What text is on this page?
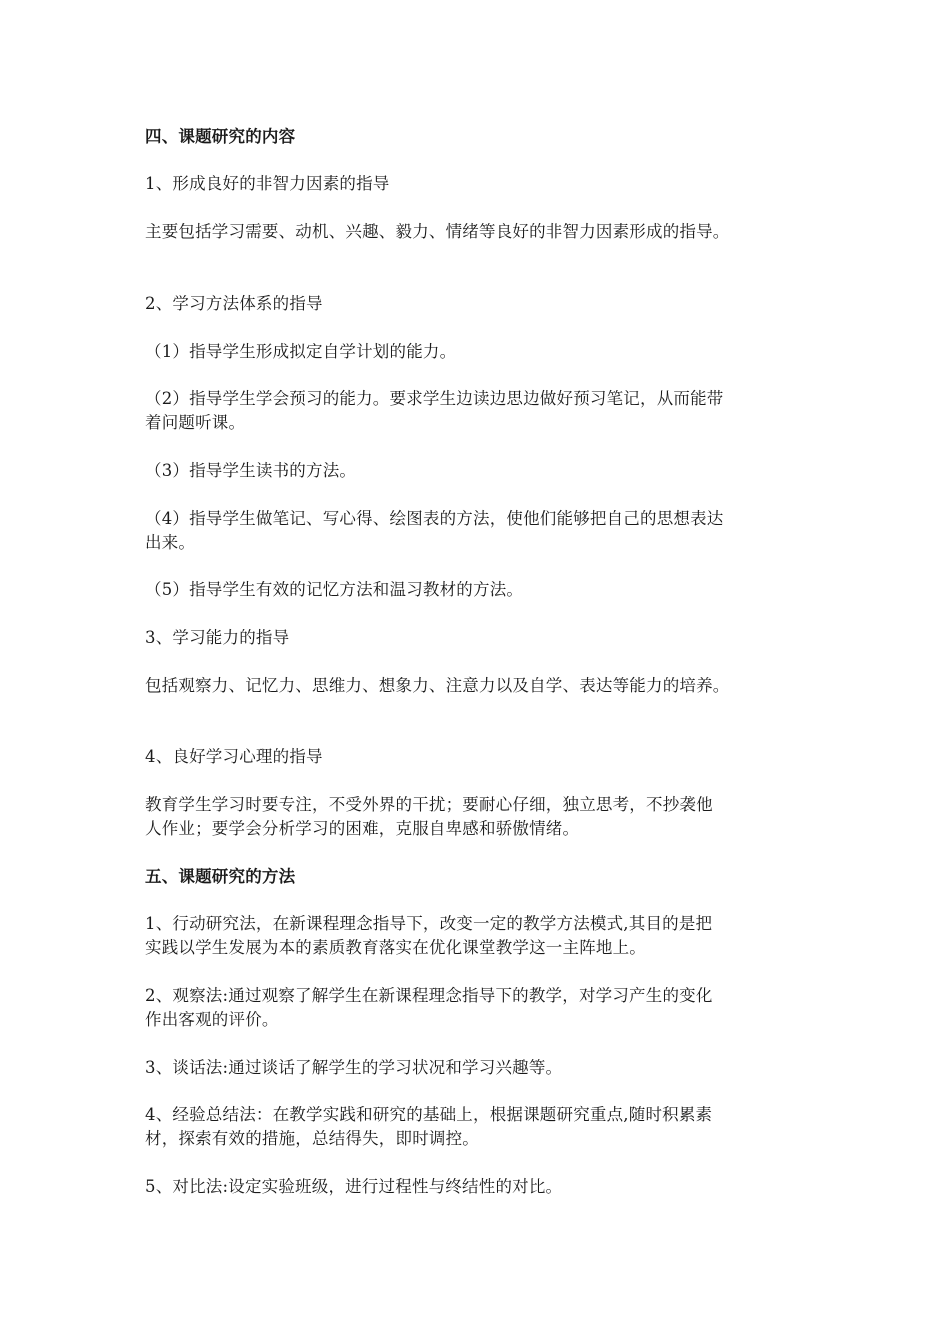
四、课题研究的内容
1、形成良好的非智力因素的指导
主要包括学习需要、动机、兴趣、毅力、情绪等良好的非智力因素形成的指导。
2、学习方法体系的指导
（1）指导学生形成拟定自学计划的能力。
（2）指导学生学会预习的能力。要求学生边读边思边做好预习笔记，从而能带
着问题听课。
（3）指导学生读书的方法。
（4）指导学生做笔记、写心得、绘图表的方法，使他们能够把自己的思想表达
出来。
（5）指导学生有效的记忆方法和温习教材的方法。
3、学习能力的指导
包括观察力、记忆力、思维力、想象力、注意力以及自学、表达等能力的培养。
4、良好学习心理的指导
教育学生学习时要专注，不受外界的干扰；要耐心仔细，独立思考，不抄袭他
人作业；要学会分析学习的困难，克服自卑感和骄傲情绪。
五、课题研究的方法
1、行动研究法，在新课程理念指导下，改变一定的教学方法模式,其目的是把
实践以学生发展为本的素质教育落实在优化课堂教学这一主阵地上。
2、观察法:通过观察了解学生在新课程理念指导下的教学，对学习产生的变化
作出客观的评价。
3、谈话法:通过谈话了解学生的学习状况和学习兴趣等。
4、经验总结法：在教学实践和研究的基础上，根据课题研究重点,随时积累素
材，探索有效的措施，总结得失，即时调控。
5、对比法:设定实验班级，进行过程性与终结性的对比。
